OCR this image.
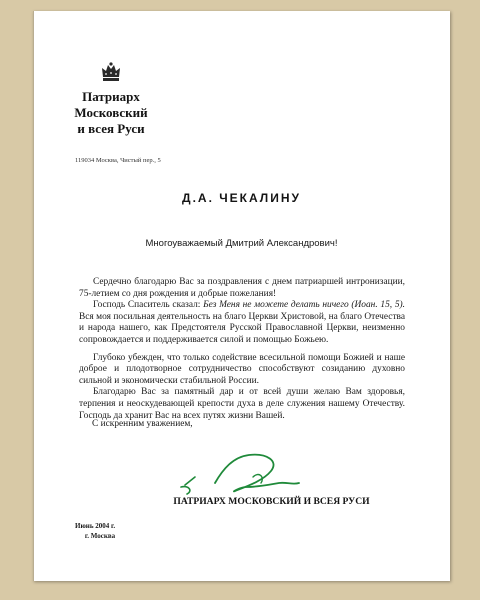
Патриарх
Московский
и всея Руси
119034 Москва, Чистый пер., 5
Д.А. ЧЕКАЛИНУ
Многоуважаемый Дмитрий Александрович!

Сердечно благодарю Вас за поздравления с днем патриаршей интронизации, 75-летием со дня рождения и добрые пожелания!

Господь Спаситель сказал: Без Меня не можете делать ничего (Иоан. 15, 5). Вся моя посильная деятельность на благо Церкви Христовой, на благо Отечества и народа нашего, как Предстоятеля Русской Православной Церкви, неизменно сопровождается и поддерживается силой и помощью Божьею.

Глубоко убежден, что только содействие всесильной помощи Божией и наше доброе и плодотворное сотрудничество способствуют созиданию духовно сильной и экономически стабильной России.

Благодарю Вас за памятный дар и от всей души желаю Вам здоровья, терпения и неоскудевающей крепости духа в деле служения нашему Отечеству. Господь да хранит Вас на всех путях жизни Вашей.

С искренним уважением,
ПАТРИАРХ МОСКОВСКИЙ И ВСЕЯ РУСИ
Июнь 2004 г.
г. Москва
